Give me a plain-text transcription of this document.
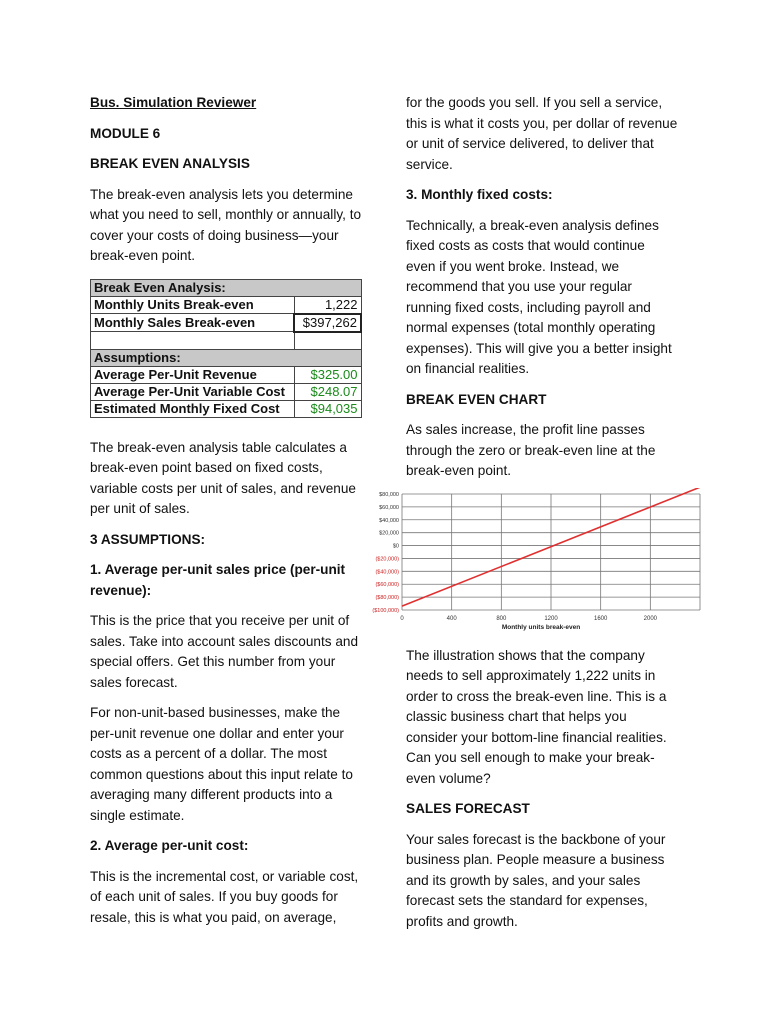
Bus. Simulation Reviewer

MODULE 6

BREAK EVEN ANALYSIS

The break-even analysis lets you determine what you need to sell, monthly or annually, to cover your costs of doing business—your break-even point.

Break Even Analysis:	
Monthly Units Break-even	1,222
Monthly Sales Break-even	$397,262

Assumptions:	
Average Per-Unit Revenue	$325.00
Average Per-Unit Variable Cost	$248.07
Estimated Monthly Fixed Cost	$94,035

The break-even analysis table calculates a break-even point based on fixed costs, variable costs per unit of sales, and revenue per unit of sales.

3 ASSUMPTIONS:

1. Average per-unit sales price (per-unit revenue):

This is the price that you receive per unit of sales. Take into account sales discounts and special offers. Get this number from your sales forecast.

For non-unit-based businesses, make the per-unit revenue one dollar and enter your costs as a percent of a dollar. The most common questions about this input relate to averaging many different products into a single estimate.

2. Average per-unit cost:

This is the incremental cost, or variable cost, of each unit of sales. If you buy goods for resale, this is what you paid, on average,

for the goods you sell. If you sell a service, this is what it costs you, per dollar of revenue or unit of service delivered, to deliver that service.

3. Monthly fixed costs:

Technically, a break-even analysis defines fixed costs as costs that would continue even if you went broke. Instead, we recommend that you use your regular running fixed costs, including payroll and normal expenses (total monthly operating expenses). This will give you a better insight on financial realities.

BREAK EVEN CHART

As sales increase, the profit line passes through the zero or break-even line at the break-even point.

The illustration shows that the company needs to sell approximately 1,222 units in order to cross the break-even line. This is a classic business chart that helps you consider your bottom-line financial realities. Can you sell enough to make your break-even volume?

SALES FORECAST

Your sales forecast is the backbone of your business plan. People measure a business and its growth by sales, and your sales forecast sets the standard for expenses, profits and growth.

$80,000
$60,000
$40,000
$20,000
$0
($20,000)
($40,000)
($60,000)
($80,000)
($100,000)
0	400	800	1200	1600	2000
Monthly units break-even
